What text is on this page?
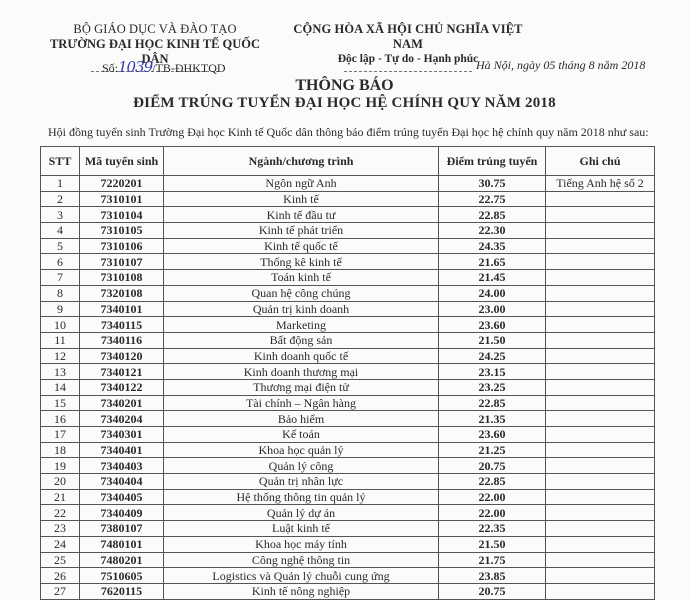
BỘ GIÁO DỤC VÀ ĐÀO TẠO
TRƯỜNG ĐẠI HỌC KINH TẾ QUỐC DÂN
CỘNG HÒA XÃ HỘI CHỦ NGHĨA VIỆT NAM
Độc lập - Tự do - Hạnh phúc
Số:1039/TB-ĐHKTQD	Hà Nội, ngày 05 tháng 8 năm 2018
THÔNG BÁO
ĐIỂM TRÚNG TUYỂN ĐẠI HỌC HỆ CHÍNH QUY NĂM 2018
Hội đồng tuyển sinh Trường Đại học Kinh tế Quốc dân thông báo điểm trúng tuyển Đại học hệ chính quy năm 2018 như sau:
STT	Mã tuyển sinh	Ngành/chương trình	Điểm trúng tuyển	Ghi chú
1	7220201	Ngôn ngữ Anh	30.75	Tiếng Anh hệ số 2
2	7310101	Kinh tế	22.75	
3	7310104	Kinh tế đầu tư	22.85	
4	7310105	Kinh tế phát triển	22.30	
5	7310106	Kinh tế quốc tế	24.35	
6	7310107	Thống kê kinh tế	21.65	
7	7310108	Toán kinh tế	21.45	
8	7320108	Quan hệ công chúng	24.00	
9	7340101	Quản trị kinh doanh	23.00	
10	7340115	Marketing	23.60	
11	7340116	Bất động sản	21.50	
12	7340120	Kinh doanh quốc tế	24.25	
13	7340121	Kinh doanh thương mại	23.15	
14	7340122	Thương mại điện tử	23.25	
15	7340201	Tài chính – Ngân hàng	22.85	
16	7340204	Bảo hiểm	21.35	
17	7340301	Kế toán	23.60	
18	7340401	Khoa học quản lý	21.25	
19	7340403	Quản lý công	20.75	
20	7340404	Quản trị nhân lực	22.85	
21	7340405	Hệ thống thông tin quản lý	22.00	
22	7340409	Quản lý dự án	22.00	
23	7380107	Luật kinh tế	22.35	
24	7480101	Khoa học máy tính	21.50	
25	7480201	Công nghệ thông tin	21.75	
26	7510605	Logistics và Quản lý chuỗi cung ứng	23.85	
27	7620115	Kinh tế nông nghiệp	20.75	
